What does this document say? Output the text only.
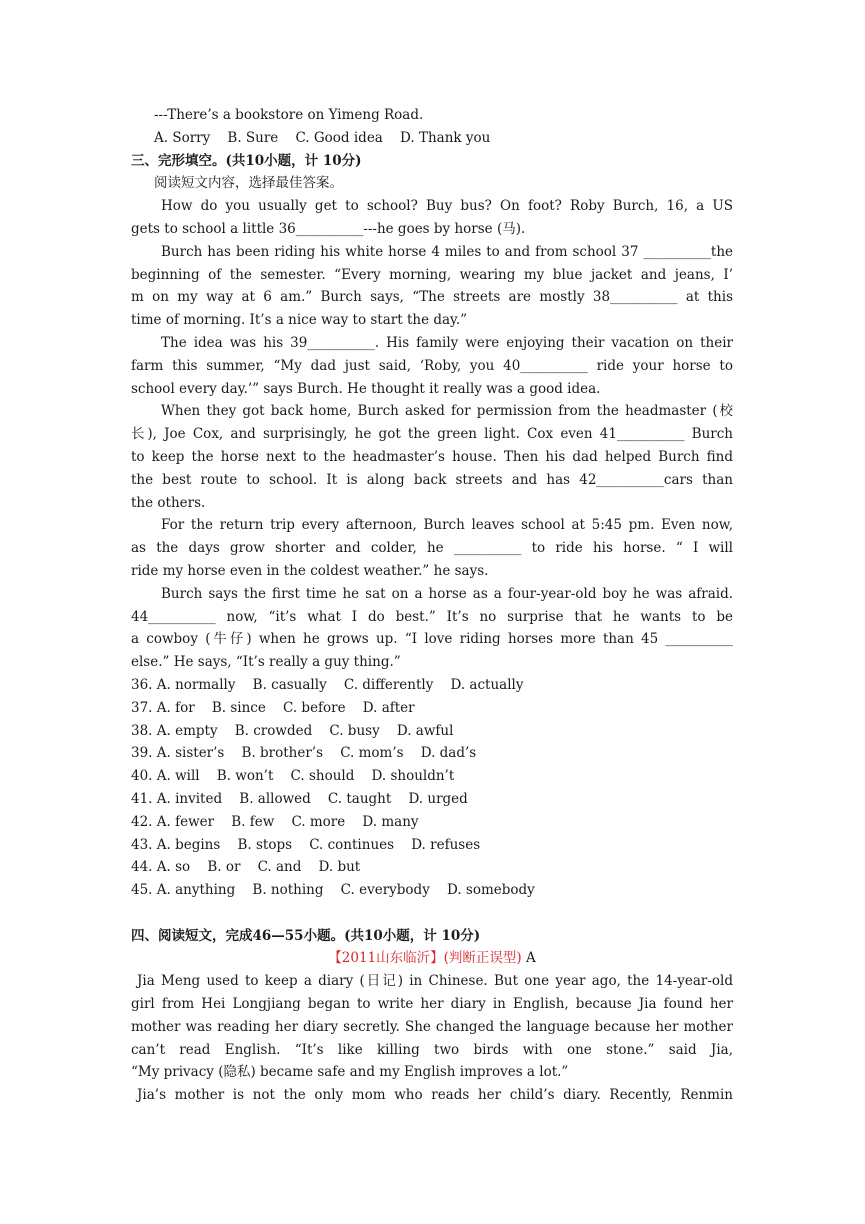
---There’s a bookstore on Yimeng Road.
A. Sorry    B. Sure    C. Good idea    D. Thank you
三、完形填空。(共10小题，计 10分)
阅读短文内容，选择最佳答案。
How do you usually get to school? Buy bus? On foot? Roby Burch, 16, a US
gets to school a little 36__________---he goes by horse (马).
Burch has been riding his white horse 4 miles to and from school 37 __________the
beginning of the semester. “Every morning, wearing my blue jacket and jeans, I’
m on my way at 6 am.” Burch says, “The streets are mostly 38__________ at this
time of morning. It’s a nice way to start the day.”
The idea was his 39__________. His family were enjoying their vacation on their
farm this summer, “My dad just said, ‘Roby, you 40__________ ride your horse to
school every day.’” says Burch. He thought it really was a good idea.
When they got back home, Burch asked for permission from the headmaster (校
长), Joe Cox, and surprisingly, he got the green light. Cox even 41__________ Burch
to keep the horse next to the headmaster’s house. Then his dad helped Burch find
the best route to school. It is along back streets and has 42__________cars than
the others.
For the return trip every afternoon, Burch leaves school at 5:45 pm. Even now,
as the days grow shorter and colder, he __________ to ride his horse. “ I will
ride my horse even in the coldest weather.” he says.
Burch says the first time he sat on a horse as a four-year-old boy he was afraid.
44__________ now, “it’s what I do best.” It’s no surprise that he wants to be
a cowboy (牛仔) when he grows up. “I love riding horses more than 45 __________
else.” He says, “It’s really a guy thing.”
36. A. normally    B. casually    C. differently    D. actually
37. A. for    B. since    C. before    D. after
38. A. empty    B. crowded    C. busy    D. awful
39. A. sister’s    B. brother’s    C. mom’s    D. dad’s
40. A. will    B. won’t    C. should    D. shouldn’t
41. A. invited    B. allowed    C. taught    D. urged
42. A. fewer    B. few    C. more    D. many
43. A. begins    B. stops    C. continues    D. refuses
44. A. so    B. or    C. and    D. but
45. A. anything    B. nothing    C. everybody    D. somebody
四、阅读短文，完成46—55小题。(共10小题，计 10分)
【2011山东临沂】(判断正误型) A
Jia Meng used to keep a diary (日记) in Chinese. But one year ago, the 14-year-old
girl from Hei Longjiang began to write her diary in English, because Jia found her
mother was reading her diary secretly. She changed the language because her mother
can’t read English. “It’s like killing two birds with one stone.” said Jia,
“My privacy (隐私) became safe and my English improves a lot.”
Jia’s mother is not the only mom who reads her child’s diary. Recently, Renmin
